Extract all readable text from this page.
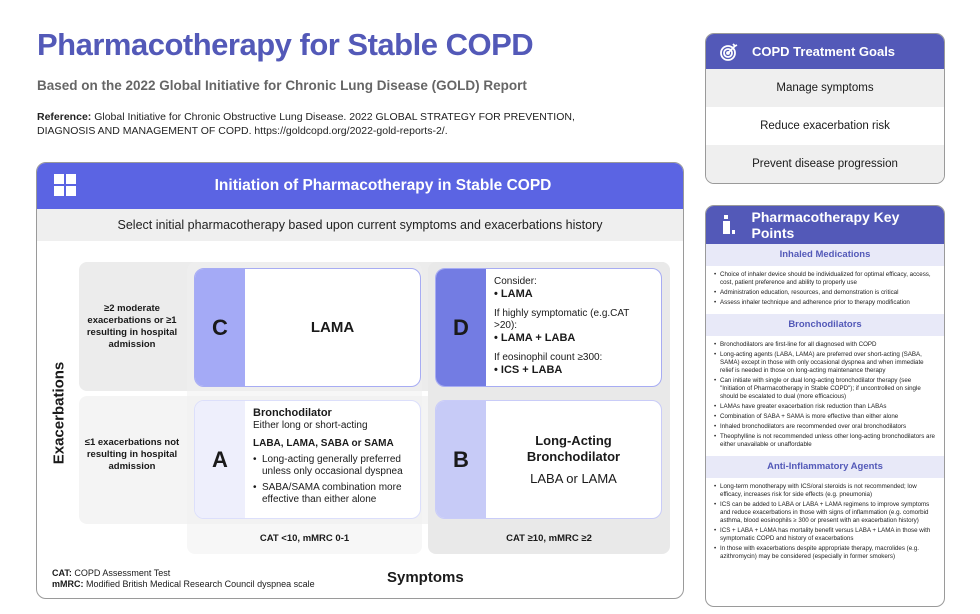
Pharmacotherapy for Stable COPD
Based on the 2022 Global Initiative for Chronic Lung Disease (GOLD) Report
Reference: Global Initiative for Chronic Obstructive Lung Disease. 2022 GLOBAL STRATEGY FOR PREVENTION, DIAGNOSIS AND MANAGEMENT OF COPD. https://goldcopd.org/2022-gold-reports-2/.
Initiation of Pharmacotherapy in Stable COPD
Select initial pharmacotherapy based upon current symptoms and exacerbations history
Exacerbations
≥2 moderate exacerbations or ≥1 resulting in hospital admission
≤1 exacerbations not resulting in hospital admission
C	LAMA	D
Consider:
• LAMA
If highly symptomatic (e.g.CAT >20):
• LAMA + LABA
If eosinophil count ≥300:
• ICS + LABA
A
Bronchodilator
Either long or short-acting
LABA, LAMA, SABA or SAMA
• Long-acting generally preferred unless only occasional dyspnea
• SABA/SAMA combination more effective than either alone
B
Long-Acting Bronchodilator
LABA or LAMA
CAT <10, mMRC 0-1	CAT ≥10, mMRC ≥2
CAT: COPD Assessment Test
mMRC: Modified British Medical Research Council dyspnea scale	Symptoms
COPD Treatment Goals
Manage symptoms
Reduce exacerbation risk
Prevent disease progression
Pharmacotherapy Key Points
Inhaled Medications
• Choice of inhaler device should be individualized for optimal efficacy, access, cost, patient preference and ability to properly use
• Administration education, resources, and demonstration is critical
• Assess inhaler technique and adherence prior to therapy modification
Bronchodilators
• Bronchodilators are first-line for all diagnosed with COPD
• Long-acting agents (LABA, LAMA) are preferred over short-acting (SABA, SAMA) except in those with only occasional dyspnea and when immediate relief is needed in those on long-acting maintenance therapy
• Can initiate with single or dual long-acting bronchodilator therapy (see "Initiation of Pharmacotherapy in Stable COPD"); if uncontrolled on single should be escalated to dual (more efficacious)
• LAMAs have greater exacerbation risk reduction than LABAs
• Combination of SABA + SAMA is more effective than either alone
• Inhaled bronchodilators are recommended over oral bronchodilators
• Theophylline is not recommended unless other long-acting bronchodilators are either unavailable or unaffordable
Anti-Inflammatory Agents
• Long-term monotherapy with ICS/oral steroids is not recommended; low efficacy, increases risk for side effects (e.g. pneumonia)
• ICS can be added to LABA or LABA + LAMA regimens to improve symptoms and reduce exacerbations in those with signs of inflammation (e.g. comorbid asthma, blood eosinophils ≥ 300 or present with an exacerbation history)
• ICS + LABA + LAMA has mortality benefit versus LABA + LAMA in those with symptomatic COPD and history of exacerbations
• In those with exacerbations despite appropriate therapy, macrolides (e.g. azithromycin) may be considered (especially in former smokers)
